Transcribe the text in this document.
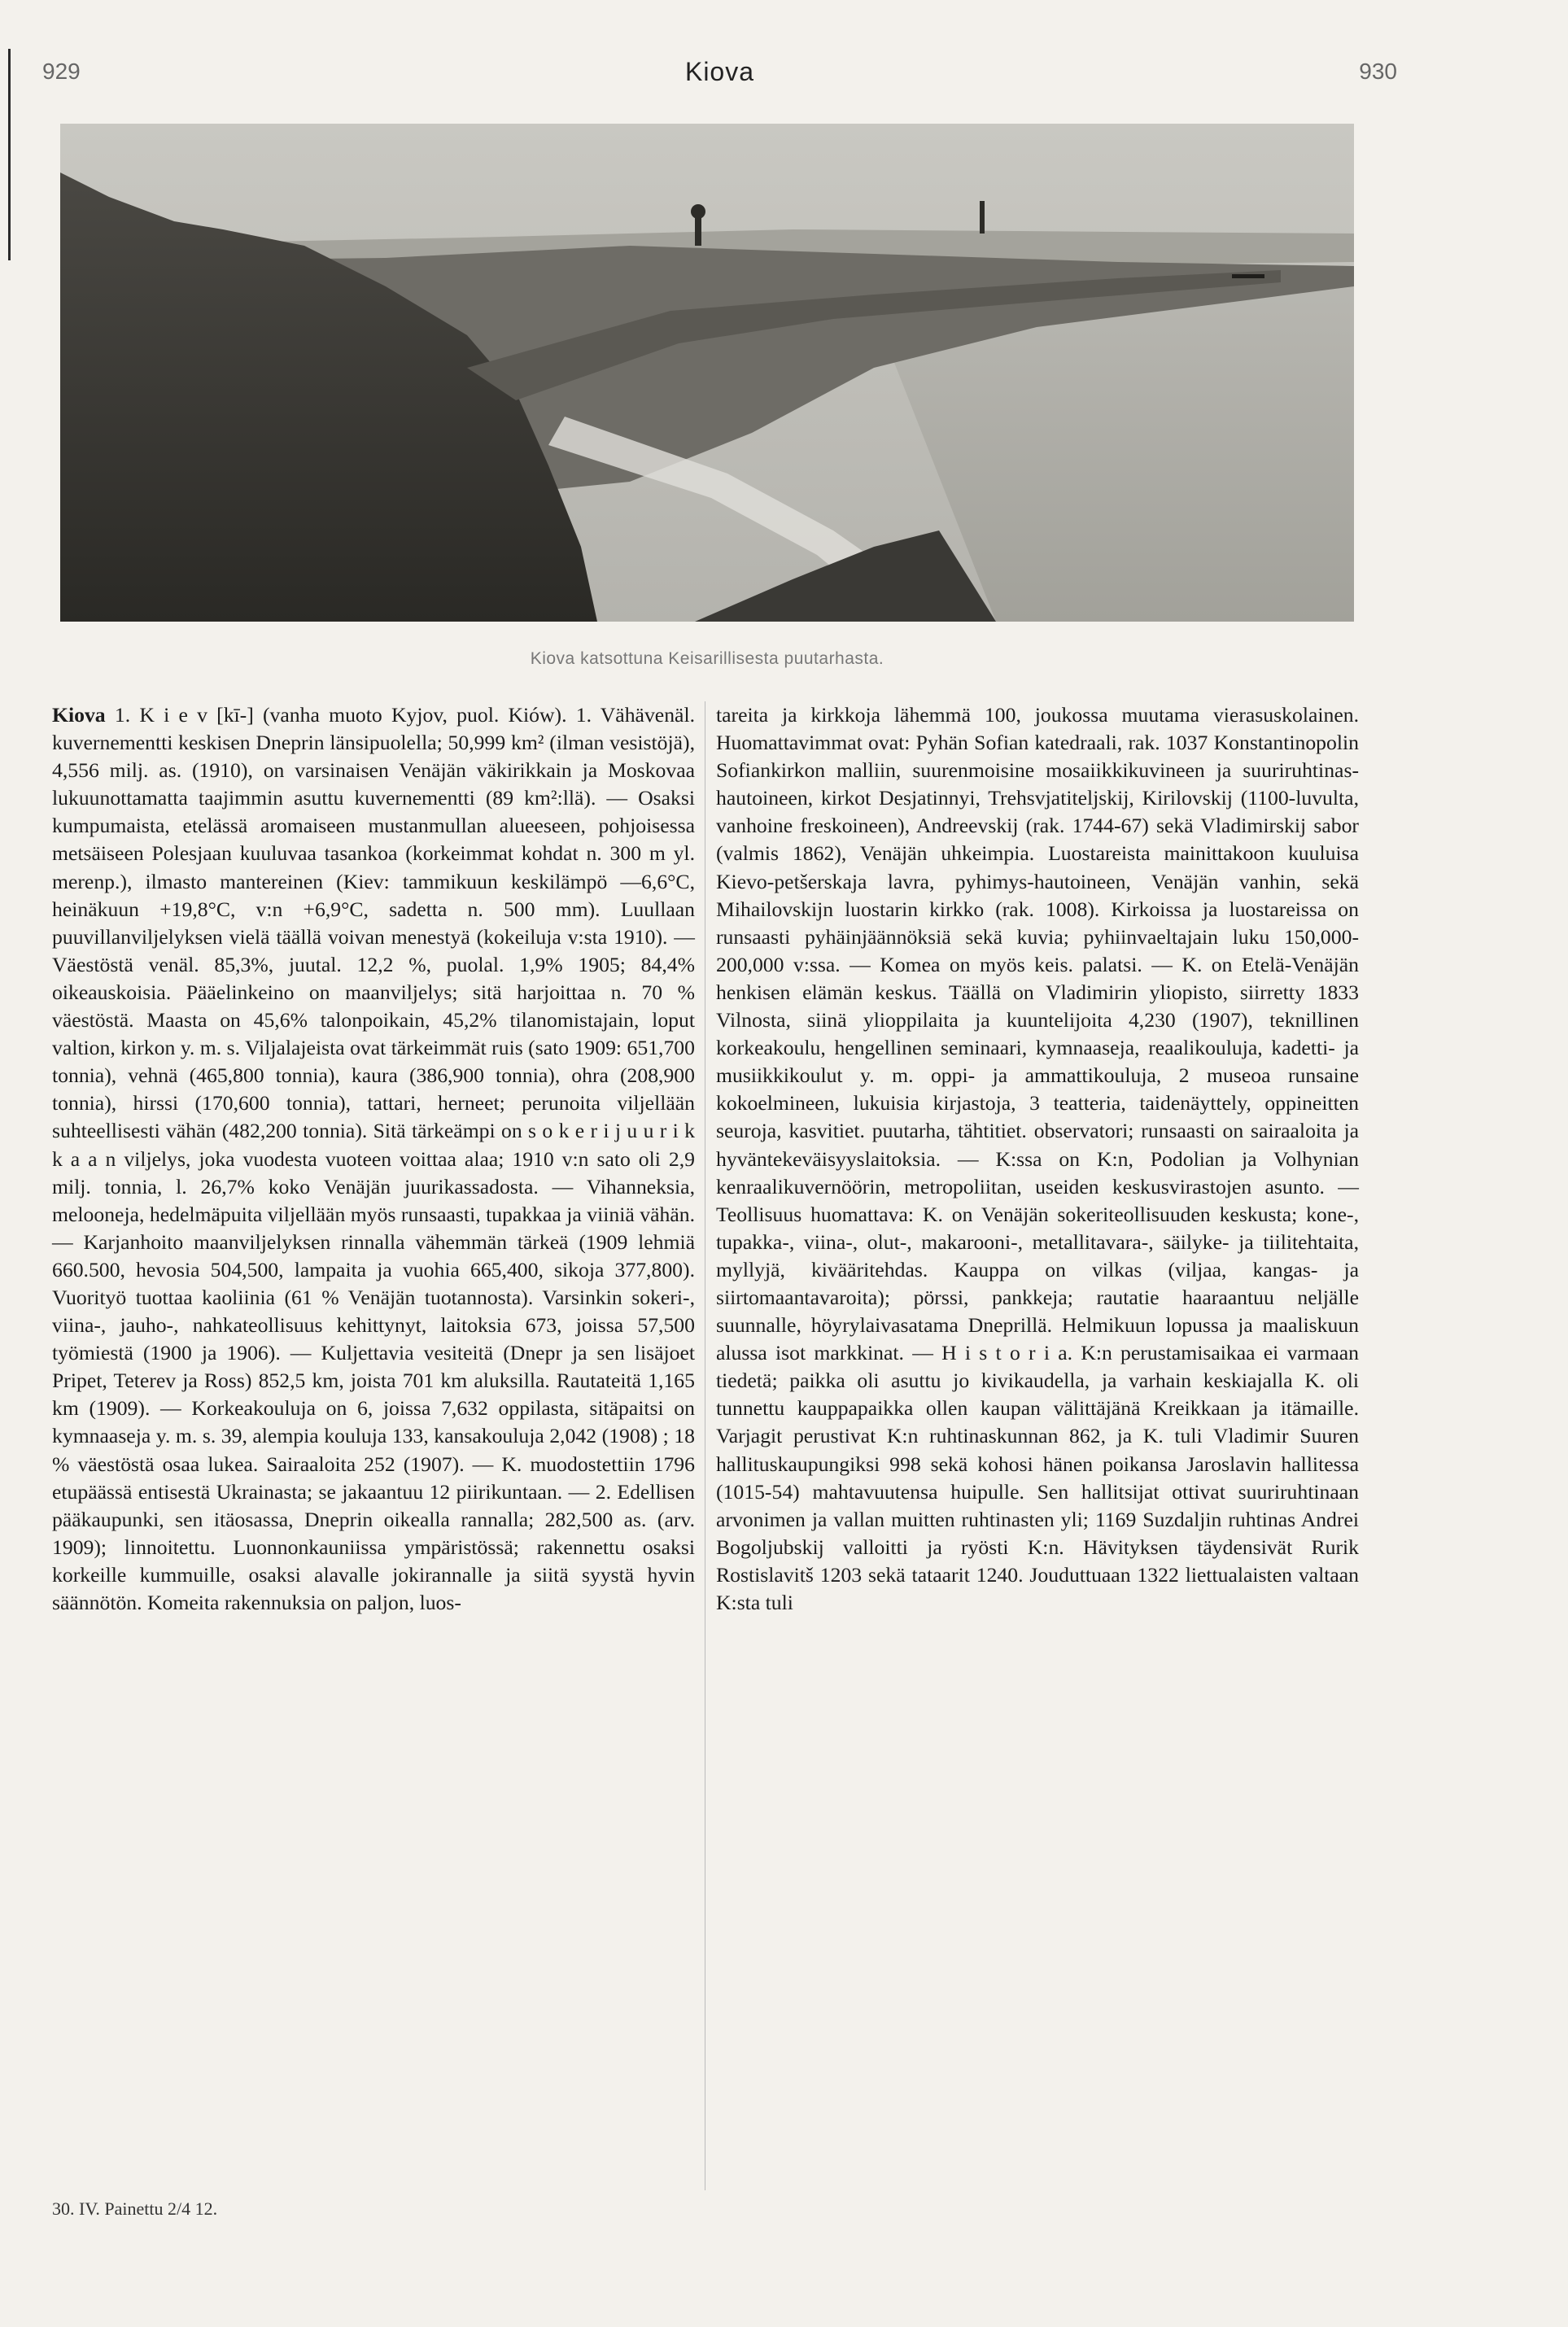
929	Kiova	930
Kiova katsottuna Keisarillisesta puutarhasta.

Kiova 1. K i e v [kī-] (vanha muoto Kyjov, puol. Kiów). 1. Vähävenäl. kuvernementti keskisen Dneprin länsipuolella; 50,999 km² (ilman vesistöjä), 4,556 milj. as. (1910), on varsinaisen Venäjän väkirikkain ja Moskovaa lukuunottamatta taajimmin asuttu kuvernementti (89 km²:llä). — Osaksi kumpumaista, etelässä aromaiseen mustanmullan alueeseen, pohjoisessa metsäiseen Polesjaan kuuluvaa tasankoa (korkeimmat kohdat n. 300 m yl. merenp.), ilmasto mantereinen (Kiev: tammikuun keskilämpö —6,6°C, heinäkuun +19,8°C, v:n +6,9°C, sadetta n. 500 mm). Luullaan puuvillanviljelyksen vielä täällä voivan menestyä (kokeiluja v:sta 1910). — Väestöstä venäl. 85,3%, juutal. 12,2 %, puolal. 1,9% 1905; 84,4% oikeauskoisia. Pääelinkeino on maanviljelys; sitä harjoittaa n. 70 % väestöstä. Maasta on 45,6% talonpoikain, 45,2% tilanomistajain, loput valtion, kirkon y. m. s. Viljalajeista ovat tärkeimmät ruis (sato 1909: 651,700 tonnia), vehnä (465,800 tonnia), kaura (386,900 tonnia), ohra (208,900 tonnia), hirssi (170,600 tonnia), tattari, herneet; perunoita viljellään suhteellisesti vähän (482,200 tonnia). Sitä tärkeämpi on s o k e r i j u u r i k k a a n viljelys, joka vuodesta vuoteen voittaa alaa; 1910 v:n sato oli 2,9 milj. tonnia, l. 26,7% koko Venäjän juurikassadosta. — Vihanneksia, melooneja, hedelmäpuita viljellään myös runsaasti, tupakkaa ja viiniä vähän. — Karjanhoito maanviljelyksen rinnalla vähemmän tärkeä (1909 lehmiä 660.500, hevosia 504,500, lampaita ja vuohia 665,400, sikoja 377,800). Vuorityö tuottaa kaoliinia (61 % Venäjän tuotannosta). Varsinkin sokeri-, viina-, jauho-, nahkateollisuus kehittynyt, laitoksia 673, joissa 57,500 työmiestä (1900 ja 1906). — Kuljettavia vesiteitä (Dnepr ja sen lisäjoet Pripet, Teterev ja Ross) 852,5 km, joista 701 km aluksilla. Rautateitä 1,165 km (1909). — Korkeakouluja on 6, joissa 7,632 oppilasta, sitäpaitsi on kymnaaseja y. m. s. 39, alempia kouluja 133, kansakouluja 2,042 (1908) ; 18 % väestöstä osaa lukea. Sairaaloita 252 (1907). — K. muodostettiin 1796 etupäässä entisestä Ukrainasta; se jakaantuu 12 piirikuntaan. — 2. Edellisen pääkaupunki, sen itäosassa, Dneprin oikealla rannalla; 282,500 as. (arv. 1909); linnoitettu. Luonnonkauniissa ympäristössä; rakennettu osaksi korkeille kummuille, osaksi alavalle jokirannalle ja siitä syystä hyvin säännötön. Komeita rakennuksia on paljon, luos-

tareita ja kirkkoja lähemmä 100, joukossa muutama vierasuskolainen. Huomattavimmat ovat: Pyhän Sofian katedraali, rak. 1037 Konstantinopolin Sofiankirkon malliin, suurenmoisine mosaiikkikuvineen ja suuriruhtinas-hautoineen, kirkot Desjatinnyi, Trehsvjatiteljskij, Kirilovskij (1100-luvulta, vanhoine freskoineen), Andreevskij (rak. 1744-67) sekä Vladimirskij sabor (valmis 1862), Venäjän uhkeimpia. Luostareista mainittakoon kuuluisa Kievo-petšerskaja lavra, pyhimys-hautoineen, Venäjän vanhin, sekä Mihailovskijn luostarin kirkko (rak. 1008). Kirkoissa ja luostareissa on runsaasti pyhäinjäännöksiä sekä kuvia; pyhiinvaeltajain luku 150,000-200,000 v:ssa. — Komea on myös keis. palatsi. — K. on Etelä-Venäjän henkisen elämän keskus. Täällä on Vladimirin yliopisto, siirretty 1833 Vilnosta, siinä ylioppilaita ja kuuntelijoita 4,230 (1907), teknillinen korkeakoulu, hengellinen seminaari, kymnaaseja, reaalikouluja, kadetti- ja musiikkikoulut y. m. oppi- ja ammattikouluja, 2 museoa runsaine kokoelmineen, lukuisia kirjastoja, 3 teatteria, taidenäyttely, oppineitten seuroja, kasvitiet. puutarha, tähtitiet. observatori; runsaasti on sairaaloita ja hyväntekeväisyyslaitoksia. — K:ssa on K:n, Podolian ja Volhynian kenraalikuvernöörin, metropoliitan, useiden keskusvirastojen asunto. — Teollisuus huomattava: K. on Venäjän sokeriteollisuuden keskusta; kone-, tupakka-, viina-, olut-, makarooni-, metallitavara-, säilyke- ja tiilitehtaita, myllyjä, kivääritehdas. Kauppa on vilkas (viljaa, kangas- ja siirtomaantavaroita); pörssi, pankkeja; rautatie haaraantuu neljälle suunnalle, höyrylaivasatama Dneprillä. Helmikuun lopussa ja maaliskuun alussa isot markkinat. — H i s t o r i a. K:n perustamisaikaa ei varmaan tiedetä; paikka oli asuttu jo kivikaudella, ja varhain keskiajalla K. oli tunnettu kauppapaikka ollen kaupan välittäjänä Kreikkaan ja itämaille. Varjagit perustivat K:n ruhtinaskunnan 862, ja K. tuli Vladimir Suuren hallituskaupungiksi 998 sekä kohosi hänen poikansa Jaroslavin hallitessa (1015-54) mahtavuutensa huipulle. Sen hallitsijat ottivat suuriruhtinaan arvonimen ja vallan muitten ruhtinasten yli; 1169 Suzdaljin ruhtinas Andrei Bogoljubskij valloitti ja ryösti K:n. Hävityksen täydensivät Rurik Rostislavitš 1203 sekä tataarit 1240. Jouduttuaan 1322 liettualaisten valtaan K:sta tuli

30. IV. Painettu 2/4 12.
